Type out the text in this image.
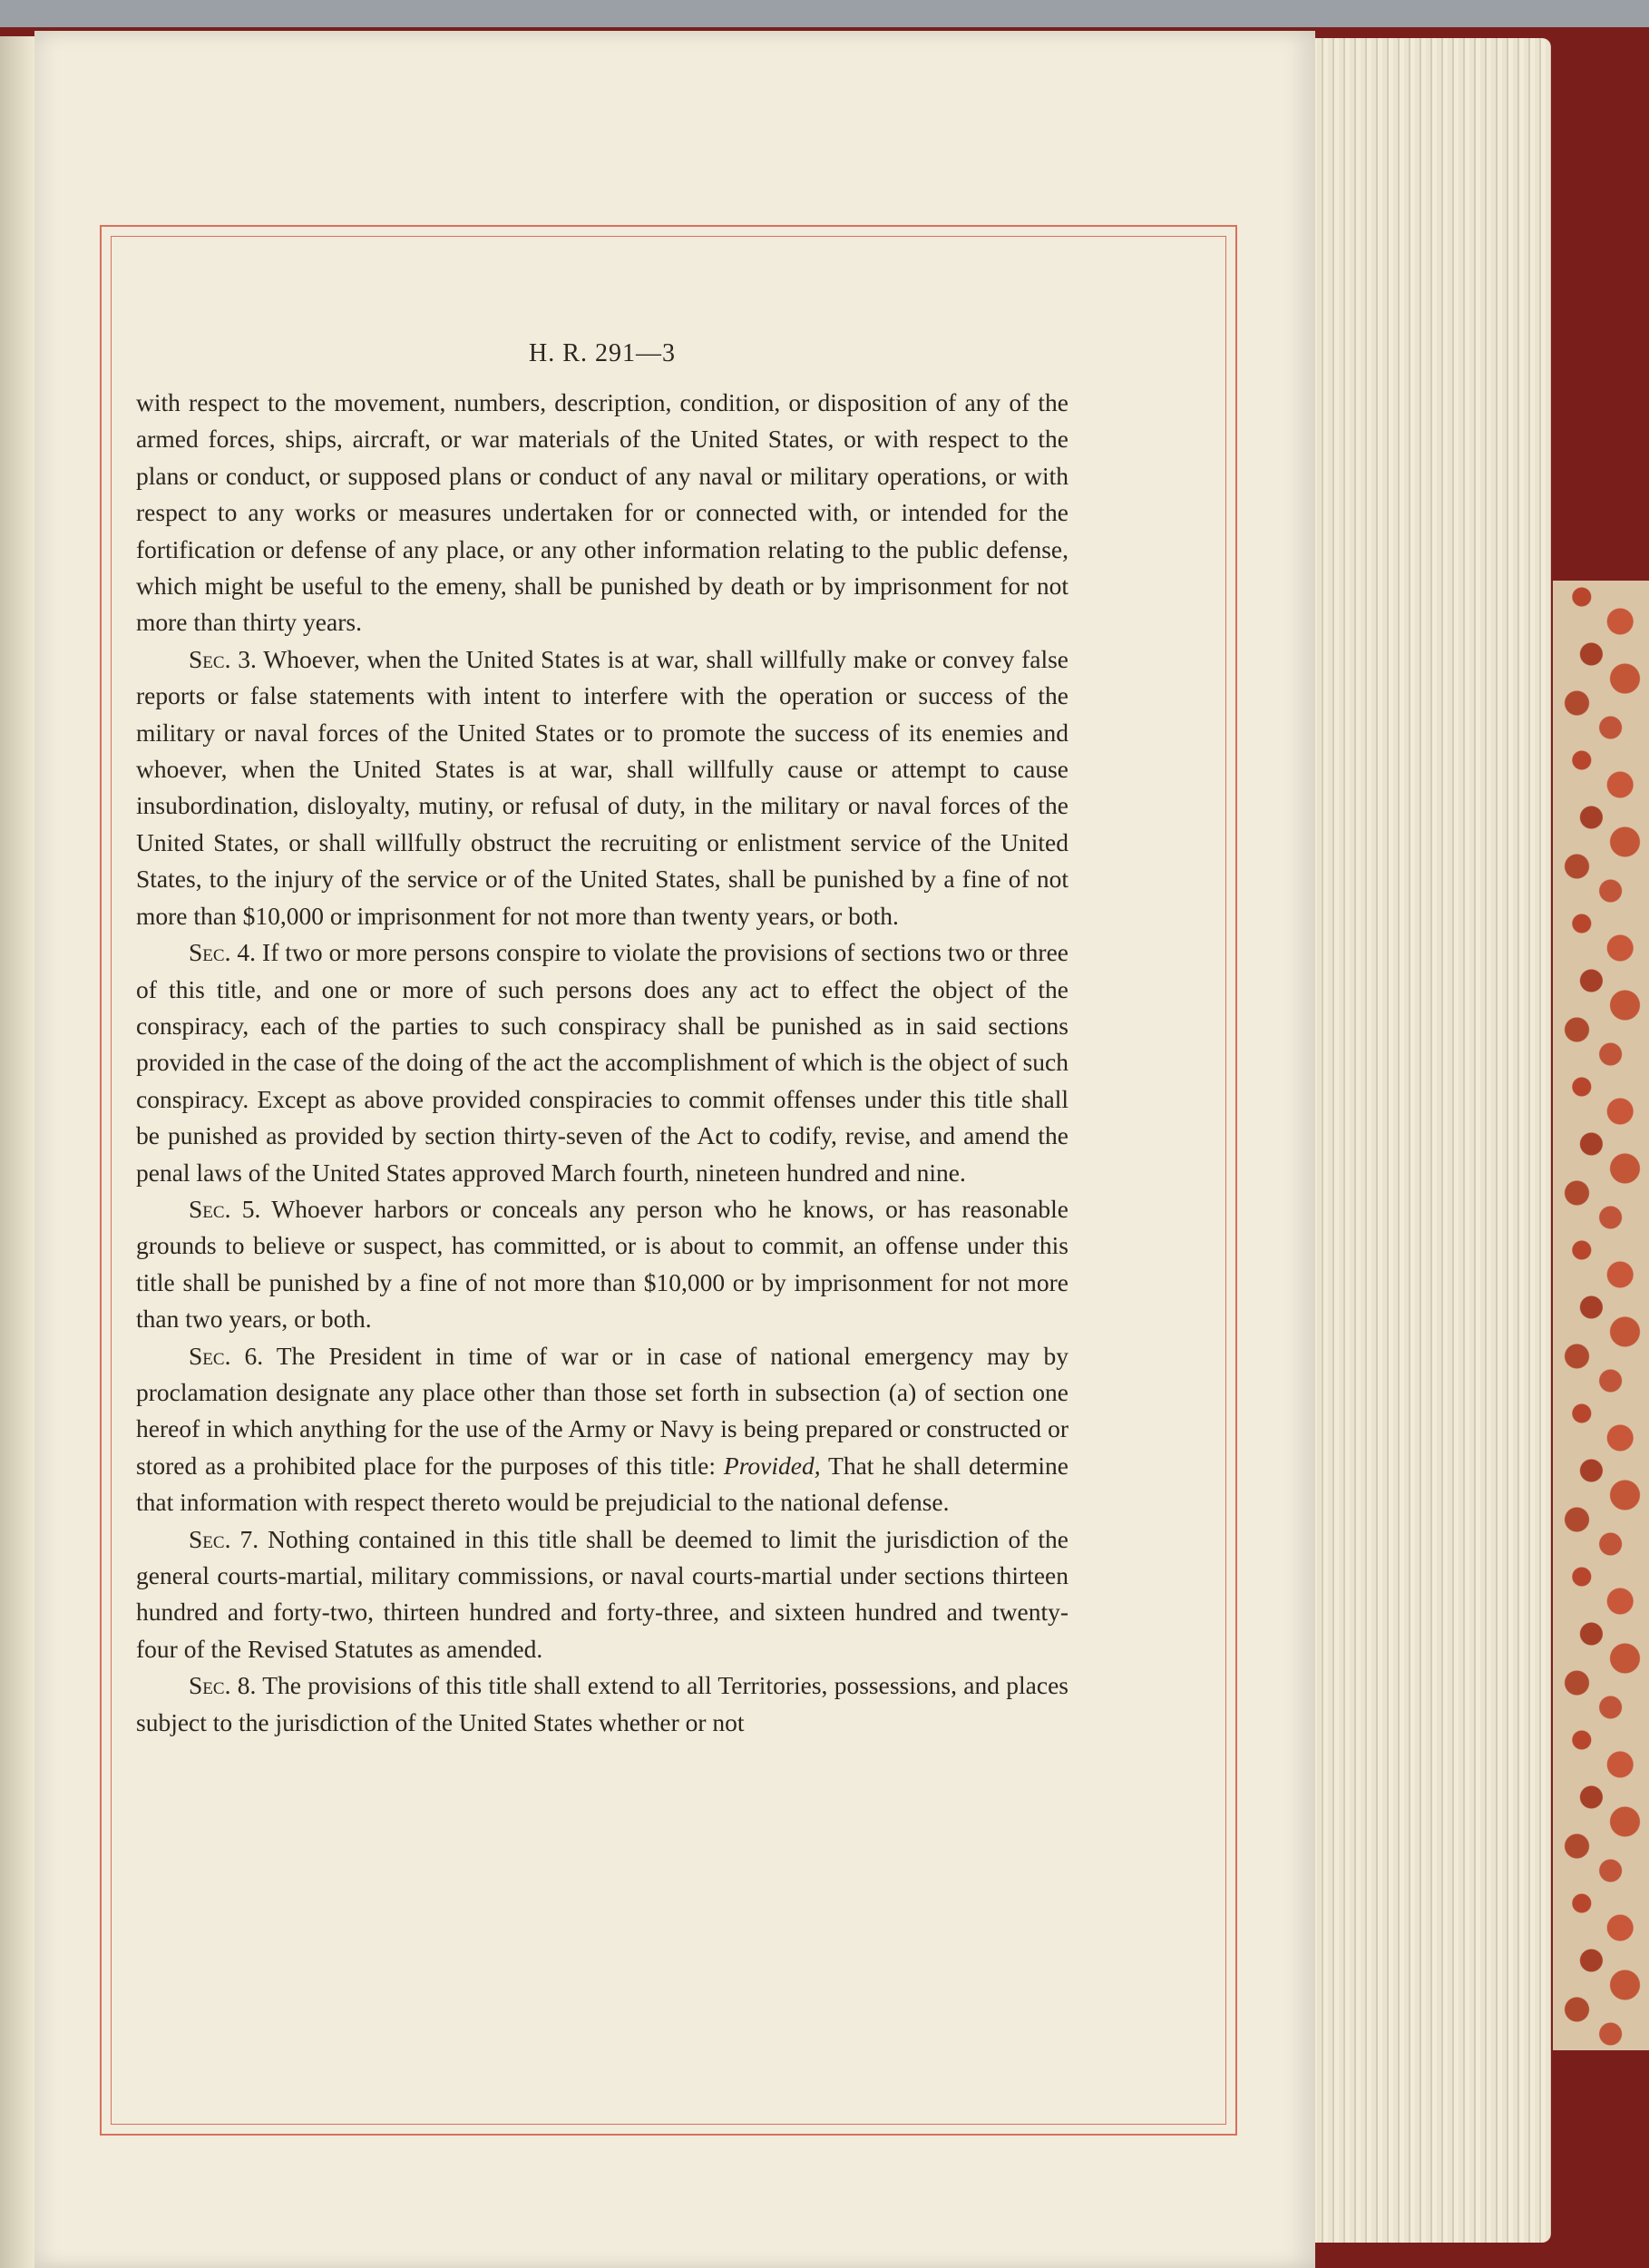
H. R. 291—3

with respect to the movement, numbers, description, condition, or disposition of any of the armed forces, ships, aircraft, or war materials of the United States, or with respect to the plans or conduct, or supposed plans or conduct of any naval or military operations, or with respect to any works or measures undertaken for or connected with, or intended for the fortification or defense of any place, or any other information relating to the public defense, which might be useful to the emeny, shall be punished by death or by imprisonment for not more than thirty years.

Sec. 3. Whoever, when the United States is at war, shall willfully make or convey false reports or false statements with intent to interfere with the operation or success of the military or naval forces of the United States or to promote the success of its enemies and whoever, when the United States is at war, shall willfully cause or attempt to cause insubordination, disloyalty, mutiny, or refusal of duty, in the military or naval forces of the United States, or shall willfully obstruct the recruiting or enlistment service of the United States, to the injury of the service or of the United States, shall be punished by a fine of not more than $10,000 or imprisonment for not more than twenty years, or both.

Sec. 4. If two or more persons conspire to violate the provisions of sections two or three of this title, and one or more of such persons does any act to effect the object of the conspiracy, each of the parties to such conspiracy shall be punished as in said sections provided in the case of the doing of the act the accomplishment of which is the object of such conspiracy. Except as above provided conspiracies to commit offenses under this title shall be punished as provided by section thirty-seven of the Act to codify, revise, and amend the penal laws of the United States approved March fourth, nineteen hundred and nine.

Sec. 5. Whoever harbors or conceals any person who he knows, or has reasonable grounds to believe or suspect, has committed, or is about to commit, an offense under this title shall be punished by a fine of not more than $10,000 or by imprisonment for not more than two years, or both.

Sec. 6. The President in time of war or in case of national emergency may by proclamation designate any place other than those set forth in subsection (a) of section one hereof in which anything for the use of the Army or Navy is being prepared or constructed or stored as a prohibited place for the purposes of this title: Provided, That he shall determine that information with respect thereto would be prejudicial to the national defense.

Sec. 7. Nothing contained in this title shall be deemed to limit the jurisdiction of the general courts-martial, military commissions, or naval courts-martial under sections thirteen hundred and forty-two, thirteen hundred and forty-three, and sixteen hundred and twenty-four of the Revised Statutes as amended.

Sec. 8. The provisions of this title shall extend to all Territories, possessions, and places subject to the jurisdiction of the United States whether or not
